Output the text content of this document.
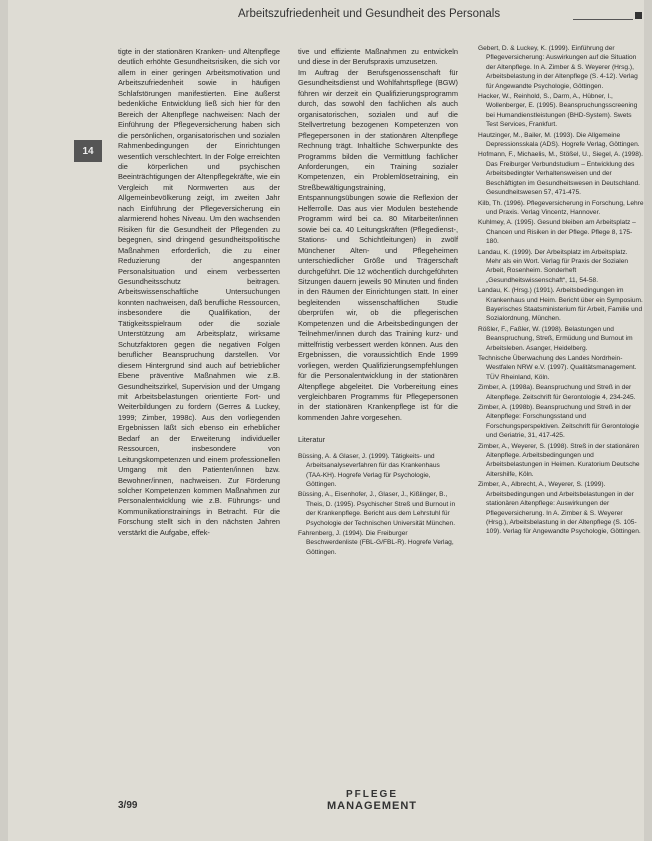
Arbeitszufriedenheit und Gesundheit des Personals
14

tigte in der stationären Kranken- und Altenpflege deutlich erhöhte Gesundheitsrisiken, die sich vor allem in einer geringen Arbeitsmotivation und Arbeitszufriedenheit sowie in häufigen Schlafstörungen manifestierten. Eine äußerst bedenkliche Entwicklung ließ sich hier für den Bereich der Altenpflege nachweisen: Nach der Einführung der Pflegeversicherung haben sich die persönlichen, organisatorischen und sozialen Rahmenbedingungen der Einrichtungen wesentlich verschlechtert. In der Folge erreichten die körperlichen und psychischen Beeinträchtigungen der Altenpflegekräfte, wie ein Vergleich mit Normwerten aus der Allgemeinbevölkerung zeigt, im zweiten Jahr nach Einführung der Pflegeversicherung ein alarmierend hohes Niveau. Um den wachsenden Risiken für die Gesundheit der Pflegenden zu begegnen, sind dringend gesundheitspolitische Maßnahmen erforderlich, die zu einer Reduzierung der angespannten Personalsituation und einem verbesserten Gesundheitsschutz beitragen. Arbeitswissenschaftliche Untersuchungen konnten nachweisen, daß berufliche Ressourcen, insbesondere die Qualifikation, der Tätigkeitsspielraum oder die soziale Unterstützung am Arbeitsplatz, wirksame Schutzfaktoren gegen die negativen Folgen beruflicher Beanspruchung darstellen. Vor diesem Hintergrund sind auch auf betrieblicher Ebene präventive Maßnahmen wie z.B. Gesundheitszirkel, Supervision und der Umgang mit Arbeitsbelastungen orientierte Fort- und Weiterbildungen zu fordern (Gerres & Luckey, 1999; Zimber, 1998c). Aus den vorliegenden Ergebnissen läßt sich ebenso ein erheblicher Bedarf an der Erweiterung individueller Ressourcen, insbesondere von Leitungskompetenzen und einem professionellen Umgang mit den Patienten/innen bzw. Bewohner/innen, nachweisen. Zur Förderung solcher Kompetenzen kommen Maßnahmen zur Personalentwicklung wie z.B. Führungs- und Kommunikationstrainings in Betracht. Für die Forschung stellt sich in den nächsten Jahren verstärkt die Aufgabe, effek-

tive und effiziente Maßnahmen zu entwickeln und diese in der Berufspraxis umzusetzen.

Im Auftrag der Berufsgenossenschaft für Gesundheitsdienst und Wohlfahrtspflege (BGW) führen wir derzeit ein Qualifizierungsprogramm durch, das sowohl den fachlichen als auch organisatorischen, sozialen und auf die Stellvertretung bezogenen Kompetenzen von Pflegepersonen in der stationären Altenpflege Rechnung trägt. Inhaltliche Schwerpunkte des Programms bilden die Vermittlung fachlicher Anforderungen, ein Training sozialer Kompetenzen, ein Problemlösetraining, ein Streßbewältigungstraining, Entspannungsübungen sowie die Reflexion der Helferrolle. Das aus vier Modulen bestehende Programm wird bei ca. 80 Mitarbeiter/innen sowie bei ca. 40 Leitungskräften (Pflegedienst-, Stations- und Schichtleitungen) in zwölf Münchener Alten- und Pflegeheimen unterschiedlicher Größe und Trägerschaft durchgeführt. Die 12 wöchentlich durchgeführten Sitzungen dauern jeweils 90 Minuten und finden in den Räumen der Einrichtungen statt. In einer begleitenden wissenschaftlichen Studie überprüfen wir, ob die pflegerischen Kompetenzen und die Arbeitsbedingungen der Teilnehmer/innen durch das Training kurz- und mittelfristig verbessert werden können. Aus den Ergebnissen, die voraussichtlich Ende 1999 vorliegen, werden Qualifizierungsempfehlungen für die Personalentwicklung in der stationären Altenpflege abgeleitet. Die Vorbereitung eines vergleichbaren Programms für Pflegepersonen in der stationären Krankenpflege ist für die kommenden Jahre vorgesehen.

Literatur

Büssing, A. & Glaser, J. (1999). Tätigkeits- und Arbeitsanalyseverfahren für das Krankenhaus (TAA-KH). Hogrefe Verlag für Psychologie, Göttingen.

Büssing, A., Eisenhofer, J., Glaser, J., Kißlinger, B., Theis, D. (1995). Psychischer Streß und Burnout in der Krankenpflege. Bericht aus dem Lehrstuhl für Psychologie der Technischen Universität München.

Fahrenberg, J. (1994). Die Freiburger Beschwerdenliste (FBL-G/FBL-R). Hogrefe Verlag, Göttingen.

Gebert, D. & Luckey, K. (1999). Einführung der Pflegeversicherung: Auswirkungen auf die Situation der Altenpflege. In A. Zimber & S. Weyerer (Hrsg.), Arbeitsbelastung in der Altenpflege (S. 4-12). Verlag für Angewandte Psychologie, Göttingen.

Hacker, W., Reinhold, S., Darm, A., Hübner, I., Wollenberger, E. (1995). Beanspruchungsscreening bei Humandienstleistungen (BHD-System). Swets Test Services, Frankfurt.

Hautzinger, M., Bailer, M. (1993). Die Allgemeine Depressionsskala (ADS). Hogrefe Verlag, Göttingen.

Hofmann, F., Michaelis, M., Stößel, U., Siegel, A. (1998). Das Freiburger Verbundstudium – Entwicklung des Arbeitsbedingter Verhaltensweisen und der Beschäftigten im Gesundheitswesen in Deutschland. Gesundheitswesen 57, 471-475.

Kilb, Th. (1996). Pflegeversicherung in Forschung, Lehre und Praxis. Verlag Vincentz, Hannover.

Kuhlmey, A. (1995). Gesund bleiben am Arbeitsplatz – Chancen und Risiken in der Pflege. Pflege 8, 175-180.

Landau, K. (1999). Der Arbeitsplatz im Arbeitsplatz. Mehr als ein Wort. Verlag für Praxis der Sozialen Arbeit, Rosenheim. Sonderheft „Gesundheitswissenschaft“, 11, 54-58.

Landau, K. (Hrsg.) (1991). Arbeitsbedingungen im Krankenhaus und Heim. Bericht über ein Symposium. Bayerisches Staatsministerium für Arbeit, Familie und Sozialordnung, München.

Rößler, F., Faßler, W. (1998). Belastungen und Beanspruchung, Streß, Ermüdung und Burnout im Arbeitsleben. Asanger, Heidelberg.

Technische Überwachung des Landes Nordrhein-Westfalen NRW e.V. (1997). Qualitätsmanagement. TÜV Rheinland, Köln.

Zimber, A. (1998a). Beanspruchung und Streß in der Altenpflege. Zeitschrift für Gerontologie 4, 234-245.

Zimber, A. (1998b). Beanspruchung und Streß in der Altenpflege: Forschungsstand und Forschungsperspektiven. Zeitschrift für Gerontologie und Geriatrie, 31, 417-425.

Zimber, A., Weyerer, S. (1998). Streß in der stationären Altenpflege. Arbeitsbedingungen und Arbeitsbelastungen in Heimen. Kuratorium Deutsche Altershilfe, Köln.

Zimber, A., Albrecht, A., Weyerer, S. (1999). Arbeitsbedingungen und Arbeitsbelastungen in der stationären Altenpflege: Auswirkungen der Pflegeversicherung. In A. Zimber & S. Weyerer (Hrsg.), Arbeitsbelastung in der Altenpflege (S. 105-109). Verlag für Angewandte Psychologie, Göttingen.

3/99
PFLEGE
MANAGEMENT
